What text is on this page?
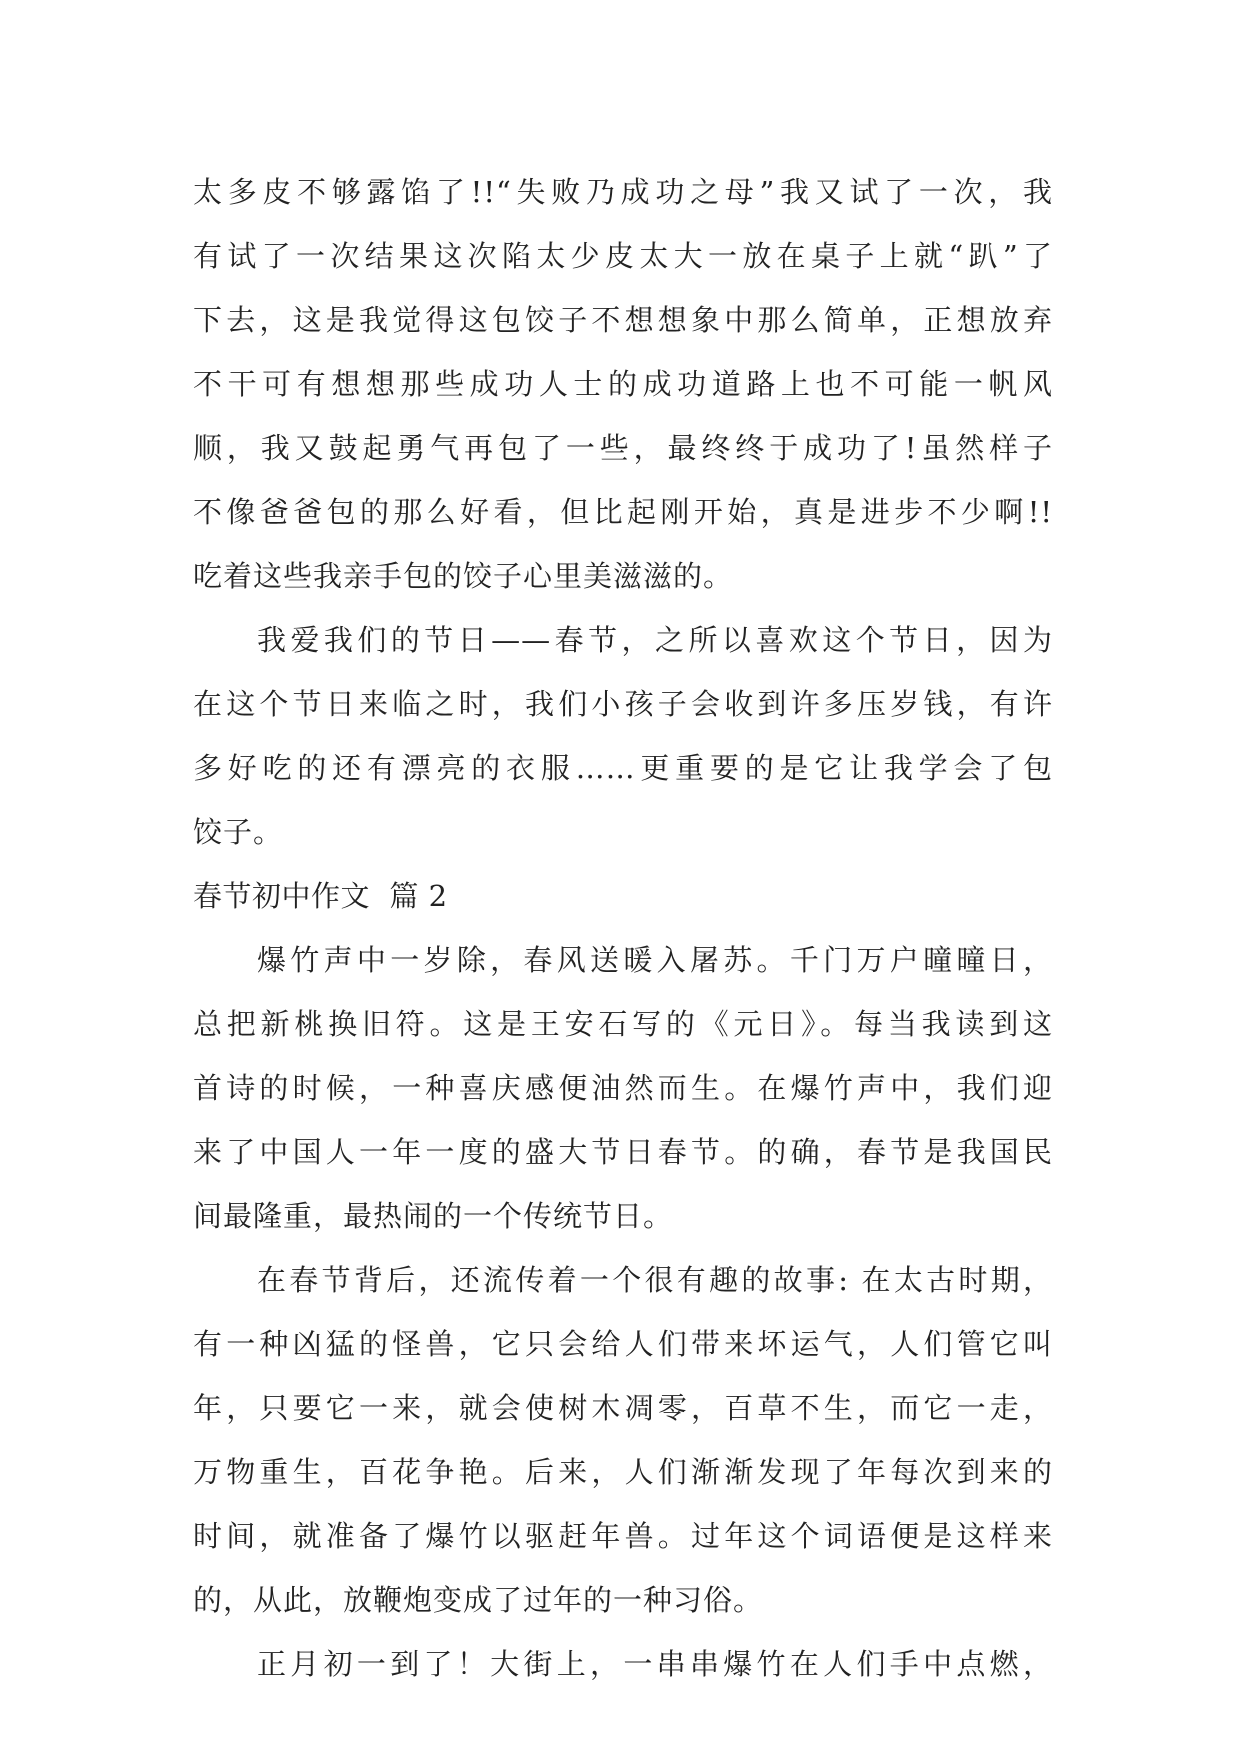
太多皮不够露馅了!!“失败乃成功之母”我又试了一次，我
有试了一次结果这次陷太少皮太大一放在桌子上就“趴”了
下去，这是我觉得这包饺子不想想象中那么简单，正想放弃
不干可有想想那些成功人士的成功道路上也不可能一帆风
顺，我又鼓起勇气再包了一些，最终终于成功了!虽然样子
不像爸爸包的那么好看，但比起刚开始，真是进步不少啊!!
吃着这些我亲手包的饺子心里美滋滋的。
我爱我们的节日——春节，之所以喜欢这个节日，因为
在这个节日来临之时，我们小孩子会收到许多压岁钱，有许
多好吃的还有漂亮的衣服……更重要的是它让我学会了包
饺子。
春节初中作文  篇 2
爆竹声中一岁除，春风送暖入屠苏。千门万户曈曈日，
总把新桃换旧符。这是王安石写的《元日》。每当我读到这
首诗的时候，一种喜庆感便油然而生。在爆竹声中，我们迎
来了中国人一年一度的盛大节日春节。的确，春节是我国民
间最隆重，最热闹的一个传统节日。
在春节背后，还流传着一个很有趣的故事: 在太古时期，
有一种凶猛的怪兽，它只会给人们带来坏运气，人们管它叫
年，只要它一来，就会使树木凋零，百草不生，而它一走，
万物重生，百花争艳。后来，人们渐渐发现了年每次到来的
时间，就准备了爆竹以驱赶年兽。过年这个词语便是这样来
的，从此，放鞭炮变成了过年的一种习俗。
正月初一到了！大街上，一串串爆竹在人们手中点燃，
